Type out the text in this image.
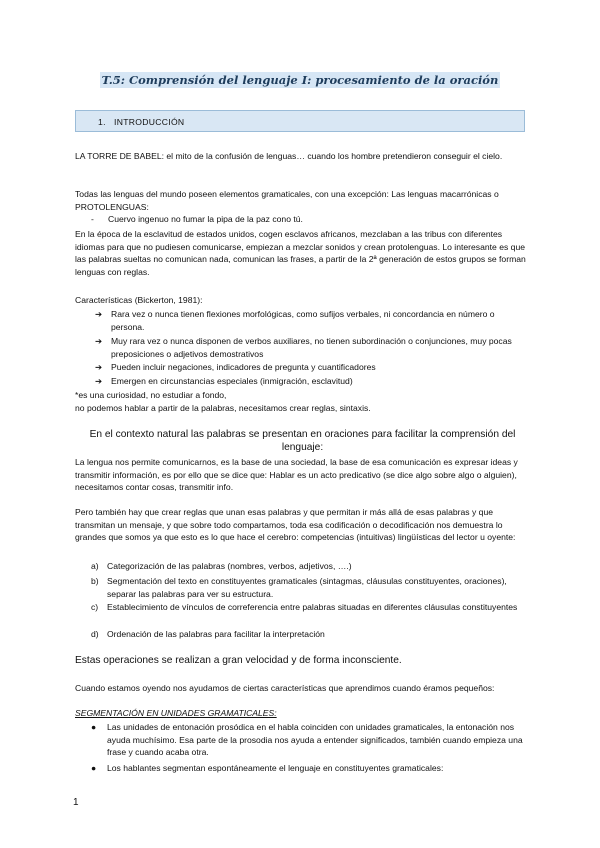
T.5: Comprensión del lenguaje I: procesamiento de la oración
1. INTRODUCCIÓN
LA TORRE DE BABEL: el mito de la confusión de lenguas… cuando los hombre pretendieron conseguir el cielo.
Todas las lenguas del mundo poseen elementos gramaticales, con una excepción: Las lenguas macarrónicas o PROTOLENGUAS:
- Cuervo ingenuo no fumar la pipa de la paz cono tú.
En la época de la esclavitud de estados unidos, cogen esclavos africanos, mezclaban a las tribus con diferentes idiomas para que no pudiesen comunicarse, empiezan a mezclar sonidos y crean protolenguas. Lo interesante es que las palabras sueltas no comunican nada, comunican las frases, a partir de la 2ª generación de estos grupos se forman lenguas con reglas.
Características (Bickerton, 1981):
➔ Rara vez o nunca tienen flexiones morfológicas, como sufijos verbales, ni concordancia en número o persona.
➔ Muy rara vez o nunca disponen de verbos auxiliares, no tienen subordinación o conjunciones, muy pocas preposiciones o adjetivos demostrativos
➔ Pueden incluir negaciones, indicadores de pregunta y cuantificadores
➔ Emergen en circunstancias especiales (inmigración, esclavitud)
*es una curiosidad, no estudiar a fondo,
no podemos hablar a partir de la palabras, necesitamos crear reglas, sintaxis.
En el contexto natural las palabras se presentan en oraciones para facilitar la comprensión del lenguaje:
La lengua nos permite comunicarnos, es la base de una sociedad, la base de esa comunicación es expresar ideas y transmitir información, es por ello que se dice que: Hablar es un acto predicativo (se dice algo sobre algo o alguien), necesitamos contar cosas, transmitir info.
Pero también hay que crear reglas que unan esas palabras y que permitan ir más allá de esas palabras y que transmitan un mensaje, y que sobre todo compartamos, toda esa codificación o decodificación nos demuestra lo grandes que somos ya que esto es lo que hace el cerebro: competencias (intuitivas) lingüísticas del lector u oyente:
a) Categorización de las palabras (nombres, verbos, adjetivos, ….)
b) Segmentación del texto en constituyentes gramaticales (sintagmas, cláusulas constituyentes, oraciones), separar las palabras para ver su estructura.
c) Establecimiento de vínculos de correferencia entre palabras situadas en diferentes cláusulas constituyentes
d) Ordenación de las palabras para facilitar la interpretación
Estas operaciones se realizan a gran velocidad y de forma inconsciente.
Cuando estamos oyendo nos ayudamos de ciertas características que aprendimos cuando éramos pequeños:
SEGMENTACIÓN EN UNIDADES GRAMATICALES:
● Las unidades de entonación prosódica en el habla coinciden con unidades gramaticales, la entonación nos ayuda muchísimo. Esa parte de la prosodia nos ayuda a entender significados, también cuando empieza una frase y cuando acaba otra.
● Los hablantes segmentan espontáneamente el lenguaje en constituyentes gramaticales:
1
